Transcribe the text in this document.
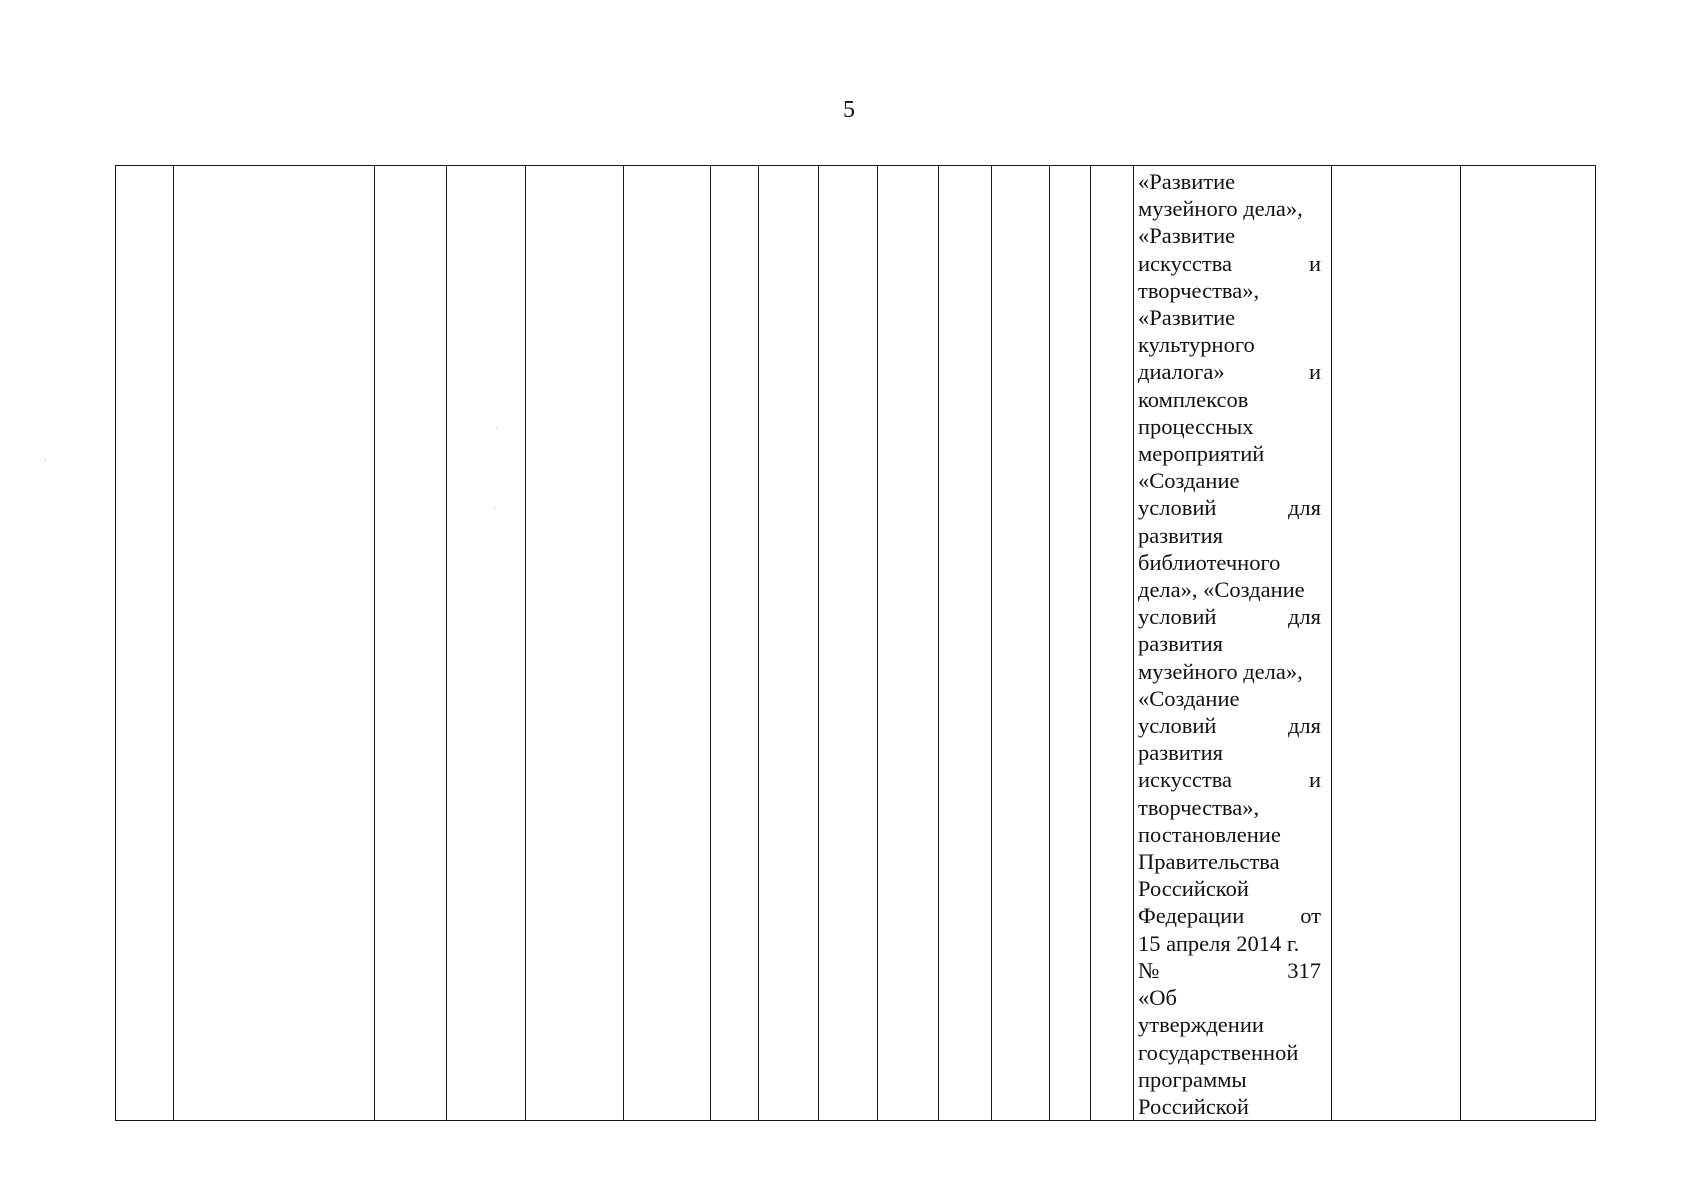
5

«Развитие
музейного дела»,
«Развитие
искусства	и
творчества»,
«Развитие
культурного
диалога»	и
комплексов
процессных
мероприятий
«Создание
условий	для
развития
библиотечного
дела», «Создание
условий	для
развития
музейного дела»,
«Создание
условий	для
развития
искусства	и
творчества»,
постановление
Правительства
Российской
Федерации от
15 апреля 2014 г.
№	317
«Об
утверждении
государственной
программы
Российской
